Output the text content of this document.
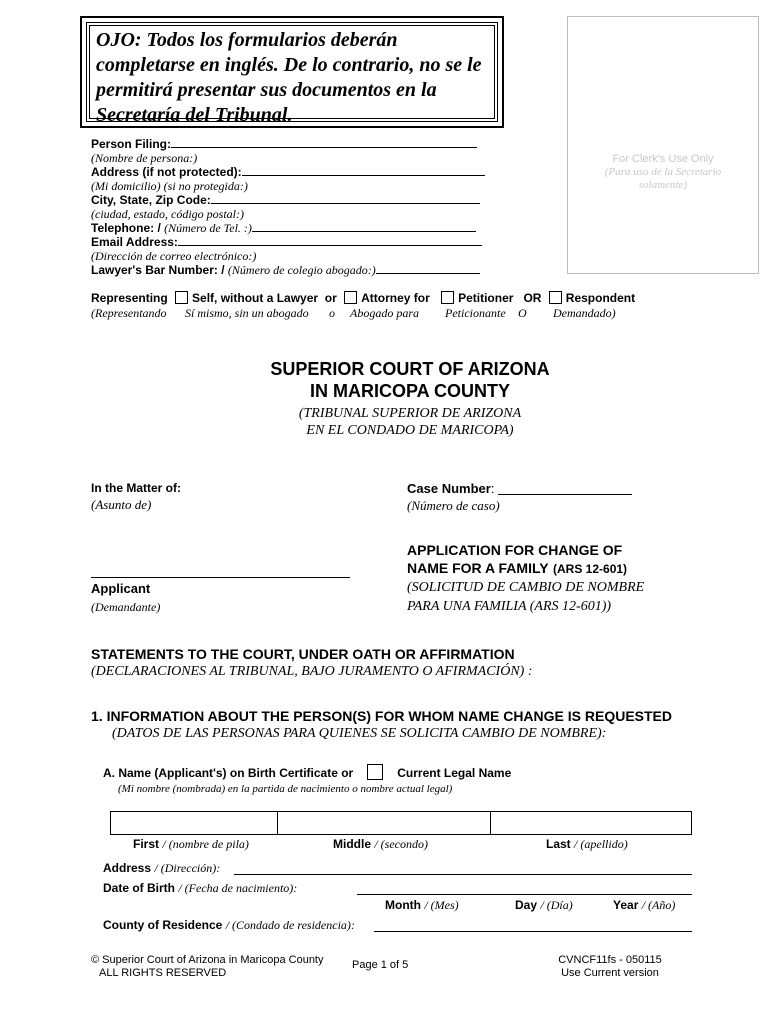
OJO: Todos los formularios deberán completarse en inglés. De lo contrario, no se le permitirá presentar sus documentos en la Secretaría del Tribunal.
For Clerk's Use Only
(Para uso de la Secretario
solamente)
Person Filing:
(Nombre de persona:)
Address (if not protected):
(Mi domicilio) (si no protegida:)
City, State, Zip Code:
(ciudad, estado, código postal:)
Telephone: / (Número de Tel. :)
Email Address:
(Dirección de correo electrónico:)
Lawyer's Bar Number: / (Número de colegio abogado:)
Representing Self, without a Lawyer or Attorney for Petitioner OR Respondent
(Representando Sí mismo, sin un abogado o Abogado para Peticionante O Demandado)
SUPERIOR COURT OF ARIZONA
IN MARICOPA COUNTY
(TRIBUNAL SUPERIOR DE ARIZONA
EN EL CONDADO DE MARICOPA)
In the Matter of:
(Asunto de)
Case Number:
(Número de caso)
Applicant
(Demandante)
APPLICATION FOR CHANGE OF
NAME FOR A FAMILY (ARS 12-601)
(SOLICITUD DE CAMBIO DE NOMBRE
PARA UNA FAMILIA (ARS 12-601))
STATEMENTS TO THE COURT, UNDER OATH OR AFFIRMATION
(DECLARACIONES AL TRIBUNAL, BAJO JURAMENTO O AFIRMACIÓN) :
1. INFORMATION ABOUT THE PERSON(S) FOR WHOM NAME CHANGE IS REQUESTED
(DATOS DE LAS PERSONAS PARA QUIENES SE SOLICITA CAMBIO DE NOMBRE):
A. Name (Applicant's) on Birth Certificate or	Current Legal Name
(Mi nombre (nombrada) en la partida de nacimiento o nombre actual legal)
First / (nombre de pila)	Middle / (secondo)	Last / (apellido)
Address / (Dirección):
Date of Birth / (Fecha de nacimiento):
Month / (Mes)	Day / (Día)	Year / (Año)
County of Residence / (Condado de residencia):
© Superior Court of Arizona in Maricopa County
ALL RIGHTS RESERVED
Page 1 of 5	CVNCF11fs - 050115
Use Current version
